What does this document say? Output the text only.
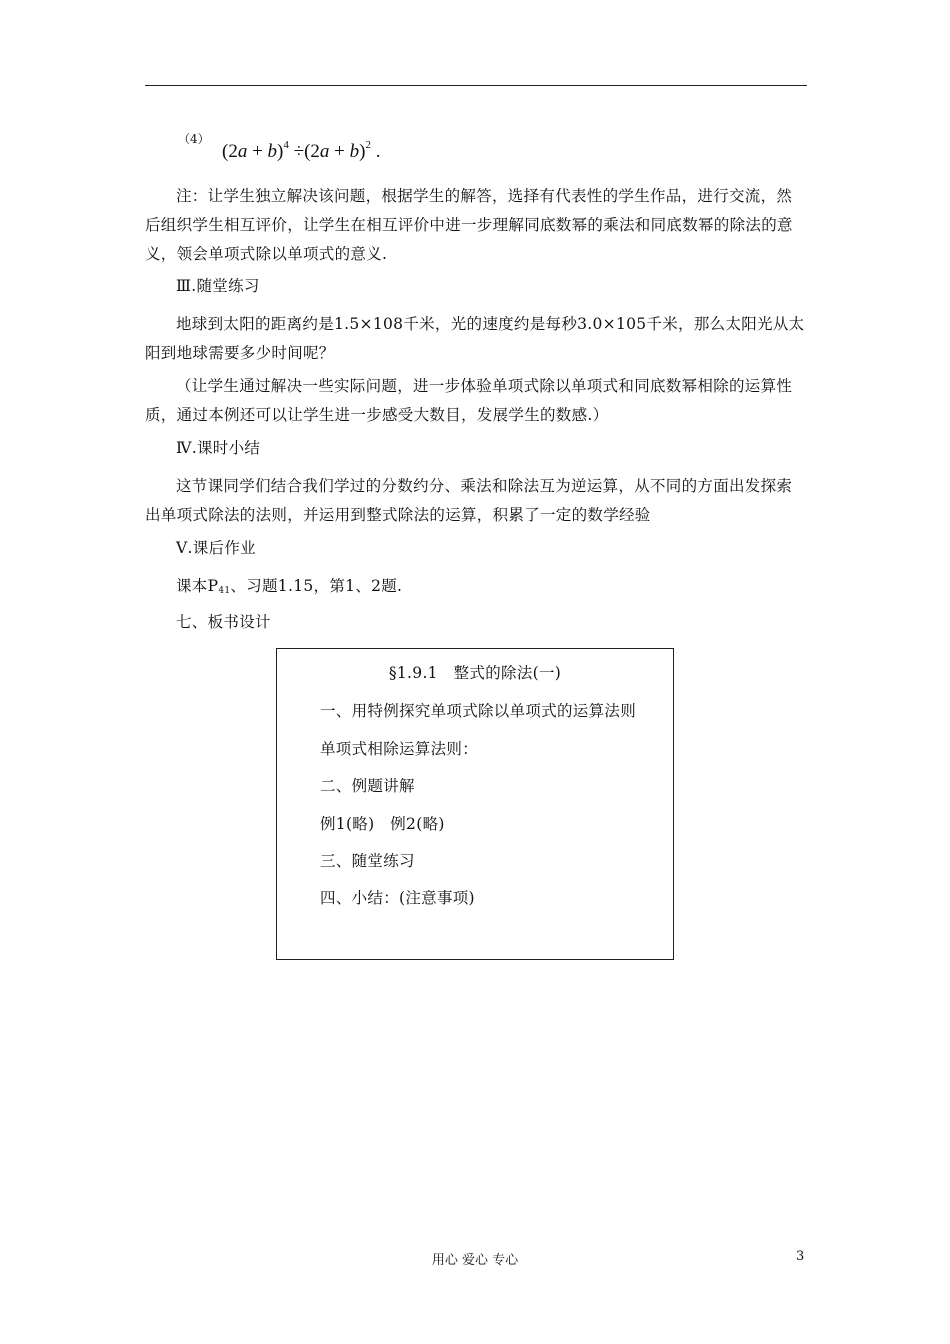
（4）
$(2a + b)^4 \div(2a + b)^2$ .
注：让学生独立解决该问题，根据学生的解答，选择有代表性的学生作品，进行交流，然后组织学生相互评价，让学生在相互评价中进一步理解同底数幂的乘法和同底数幂的除法的意义，领会单项式除以单项式的意义.
Ⅲ.随堂练习
地球到太阳的距离约是1.5×108千米，光的速度约是每秒3.0×105千米，那么太阳光从太阳到地球需要多少时间呢？
（让学生通过解决一些实际问题，进一步体验单项式除以单项式和同底数幂相除的运算性质，通过本例还可以让学生进一步感受大数目，发展学生的数感.）
Ⅳ.课时小结
这节课同学们结合我们学过的分数约分、乘法和除法互为逆运算，从不同的方面出发探索出单项式除法的法则，并运用到整式除法的运算，积累了一定的数学经验
Ⅴ.课后作业
课本$P_{41}$、习题1.15，第1、2题.
七、板书设计
§1.9.1　整式的除法(一)
一、用特例探究单项式除以单项式的运算法则
单项式相除运算法则：
二、例题讲解
例1(略)　例2(略)
三、随堂练习
四、小结：(注意事项)
用心 爱心 专心	3
